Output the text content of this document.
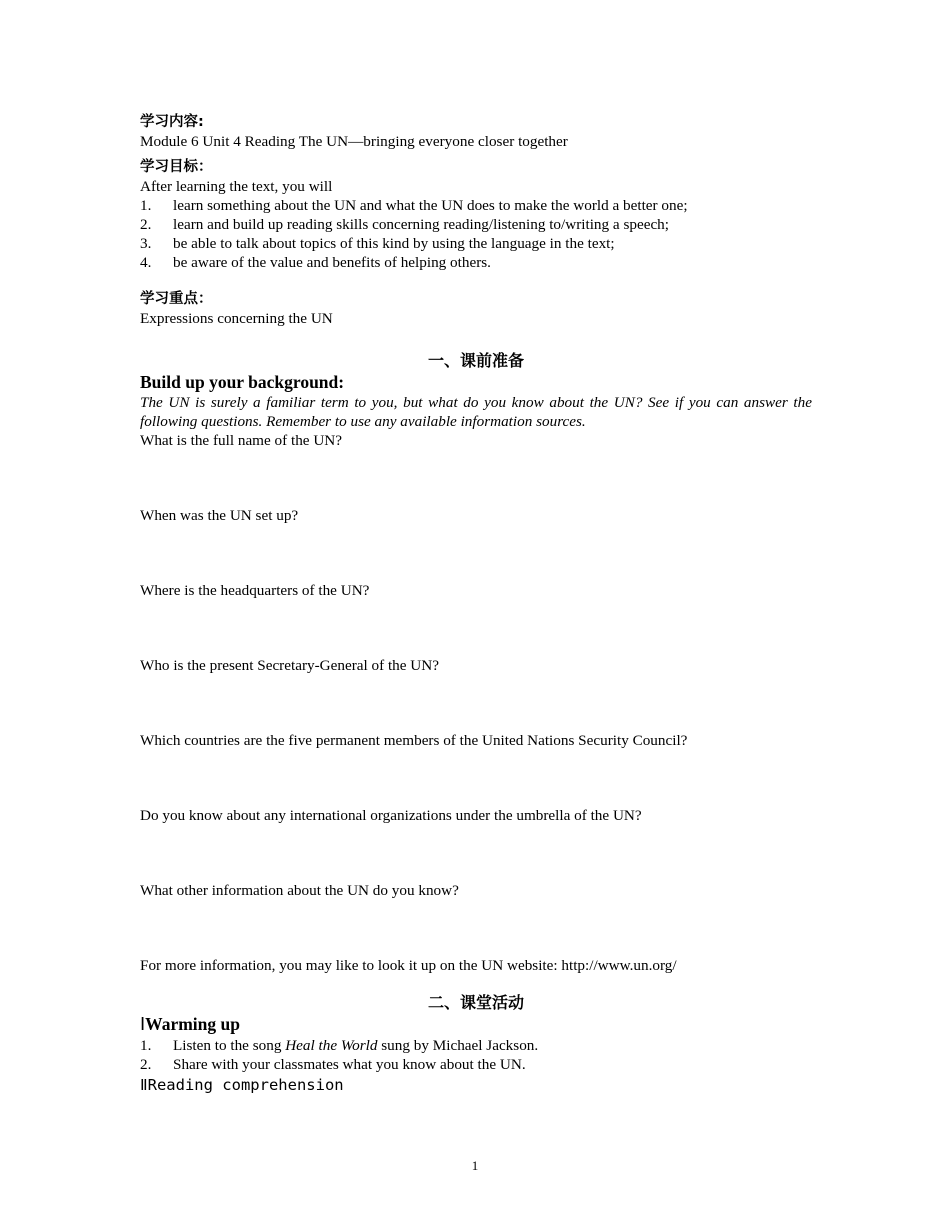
学习内容:
Module 6 Unit 4 Reading The UN—bringing everyone closer together
学习目标：
After learning the text, you will
1.	learn something about the UN and what the UN does to make the world a better one;
2.	learn and build up reading skills concerning reading/listening to/writing a speech;
3.	be able to talk about topics of this kind by using the language in the text;
4.	be aware of the value and benefits of helping others.
学习重点：
Expressions concerning the UN
一、课前准备
Build up your background:
The UN is surely a familiar term to you, but what do you know about the UN? See if you can answer the following questions. Remember to use any available information sources.
What is the full name of the UN?
When was the UN set up?
Where is the headquarters of the UN?
Who is the present Secretary-General of the UN?
Which countries are the five permanent members of the United Nations Security Council?
Do you know about any international organizations under the umbrella of the UN?
What other information about the UN do you know?
For more information, you may like to look it up on the UN website: http://www.un.org/
二、课堂活动
ⅠWarming up
1.	Listen to the song Heal the World sung by Michael Jackson.
2.	Share with your classmates what you know about the UN.
ⅡReading comprehension
1
